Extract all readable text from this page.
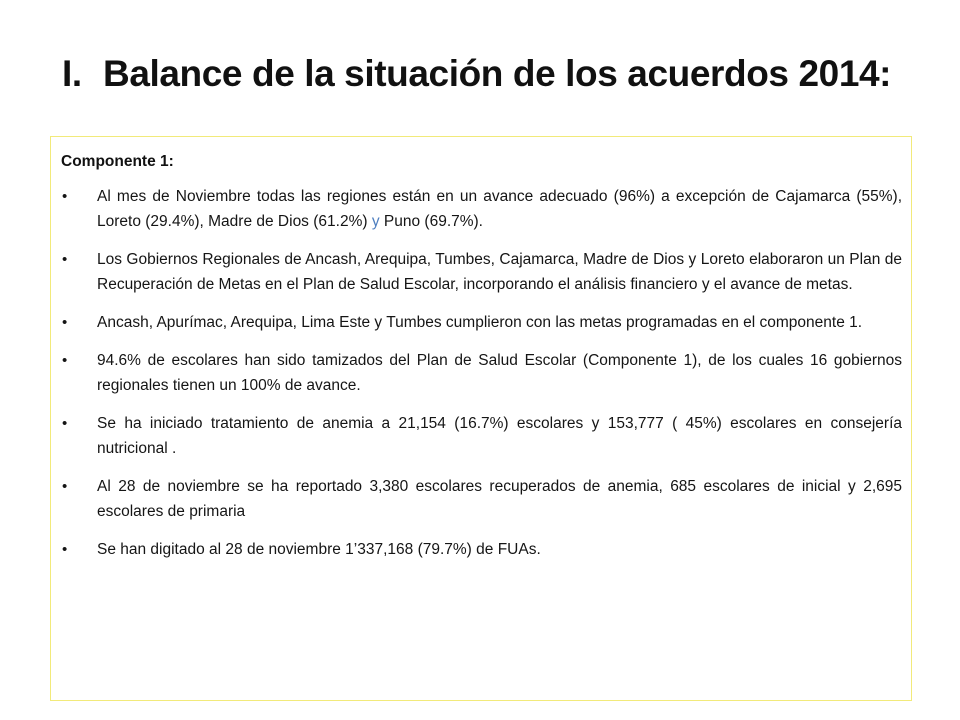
I. Balance de la situación de los acuerdos 2014:

Componente 1:

• Al mes de Noviembre todas las regiones están en un avance adecuado (96%) a excepción de Cajamarca (55%), Loreto (29.4%), Madre de Dios (61.2%) y Puno (69.7%).
• Los Gobiernos Regionales de Ancash, Arequipa, Tumbes, Cajamarca, Madre de Dios y Loreto elaboraron un Plan de Recuperación de Metas en el Plan de Salud Escolar, incorporando el análisis financiero y el avance de metas.
• Ancash, Apurímac, Arequipa, Lima Este y Tumbes cumplieron con las metas programadas en el componente 1.
• 94.6% de escolares han sido tamizados del Plan de Salud Escolar (Componente 1), de los cuales 16 gobiernos regionales tienen un 100% de avance.
• Se ha iniciado tratamiento de anemia a 21,154 (16.7%) escolares y 153,777 ( 45%) escolares en consejería nutricional .
• Al 28 de noviembre se ha reportado 3,380 escolares recuperados de anemia, 685 escolares de inicial y 2,695 escolares de primaria
• Se han digitado al 28 de noviembre 1’337,168 (79.7%) de FUAs.
